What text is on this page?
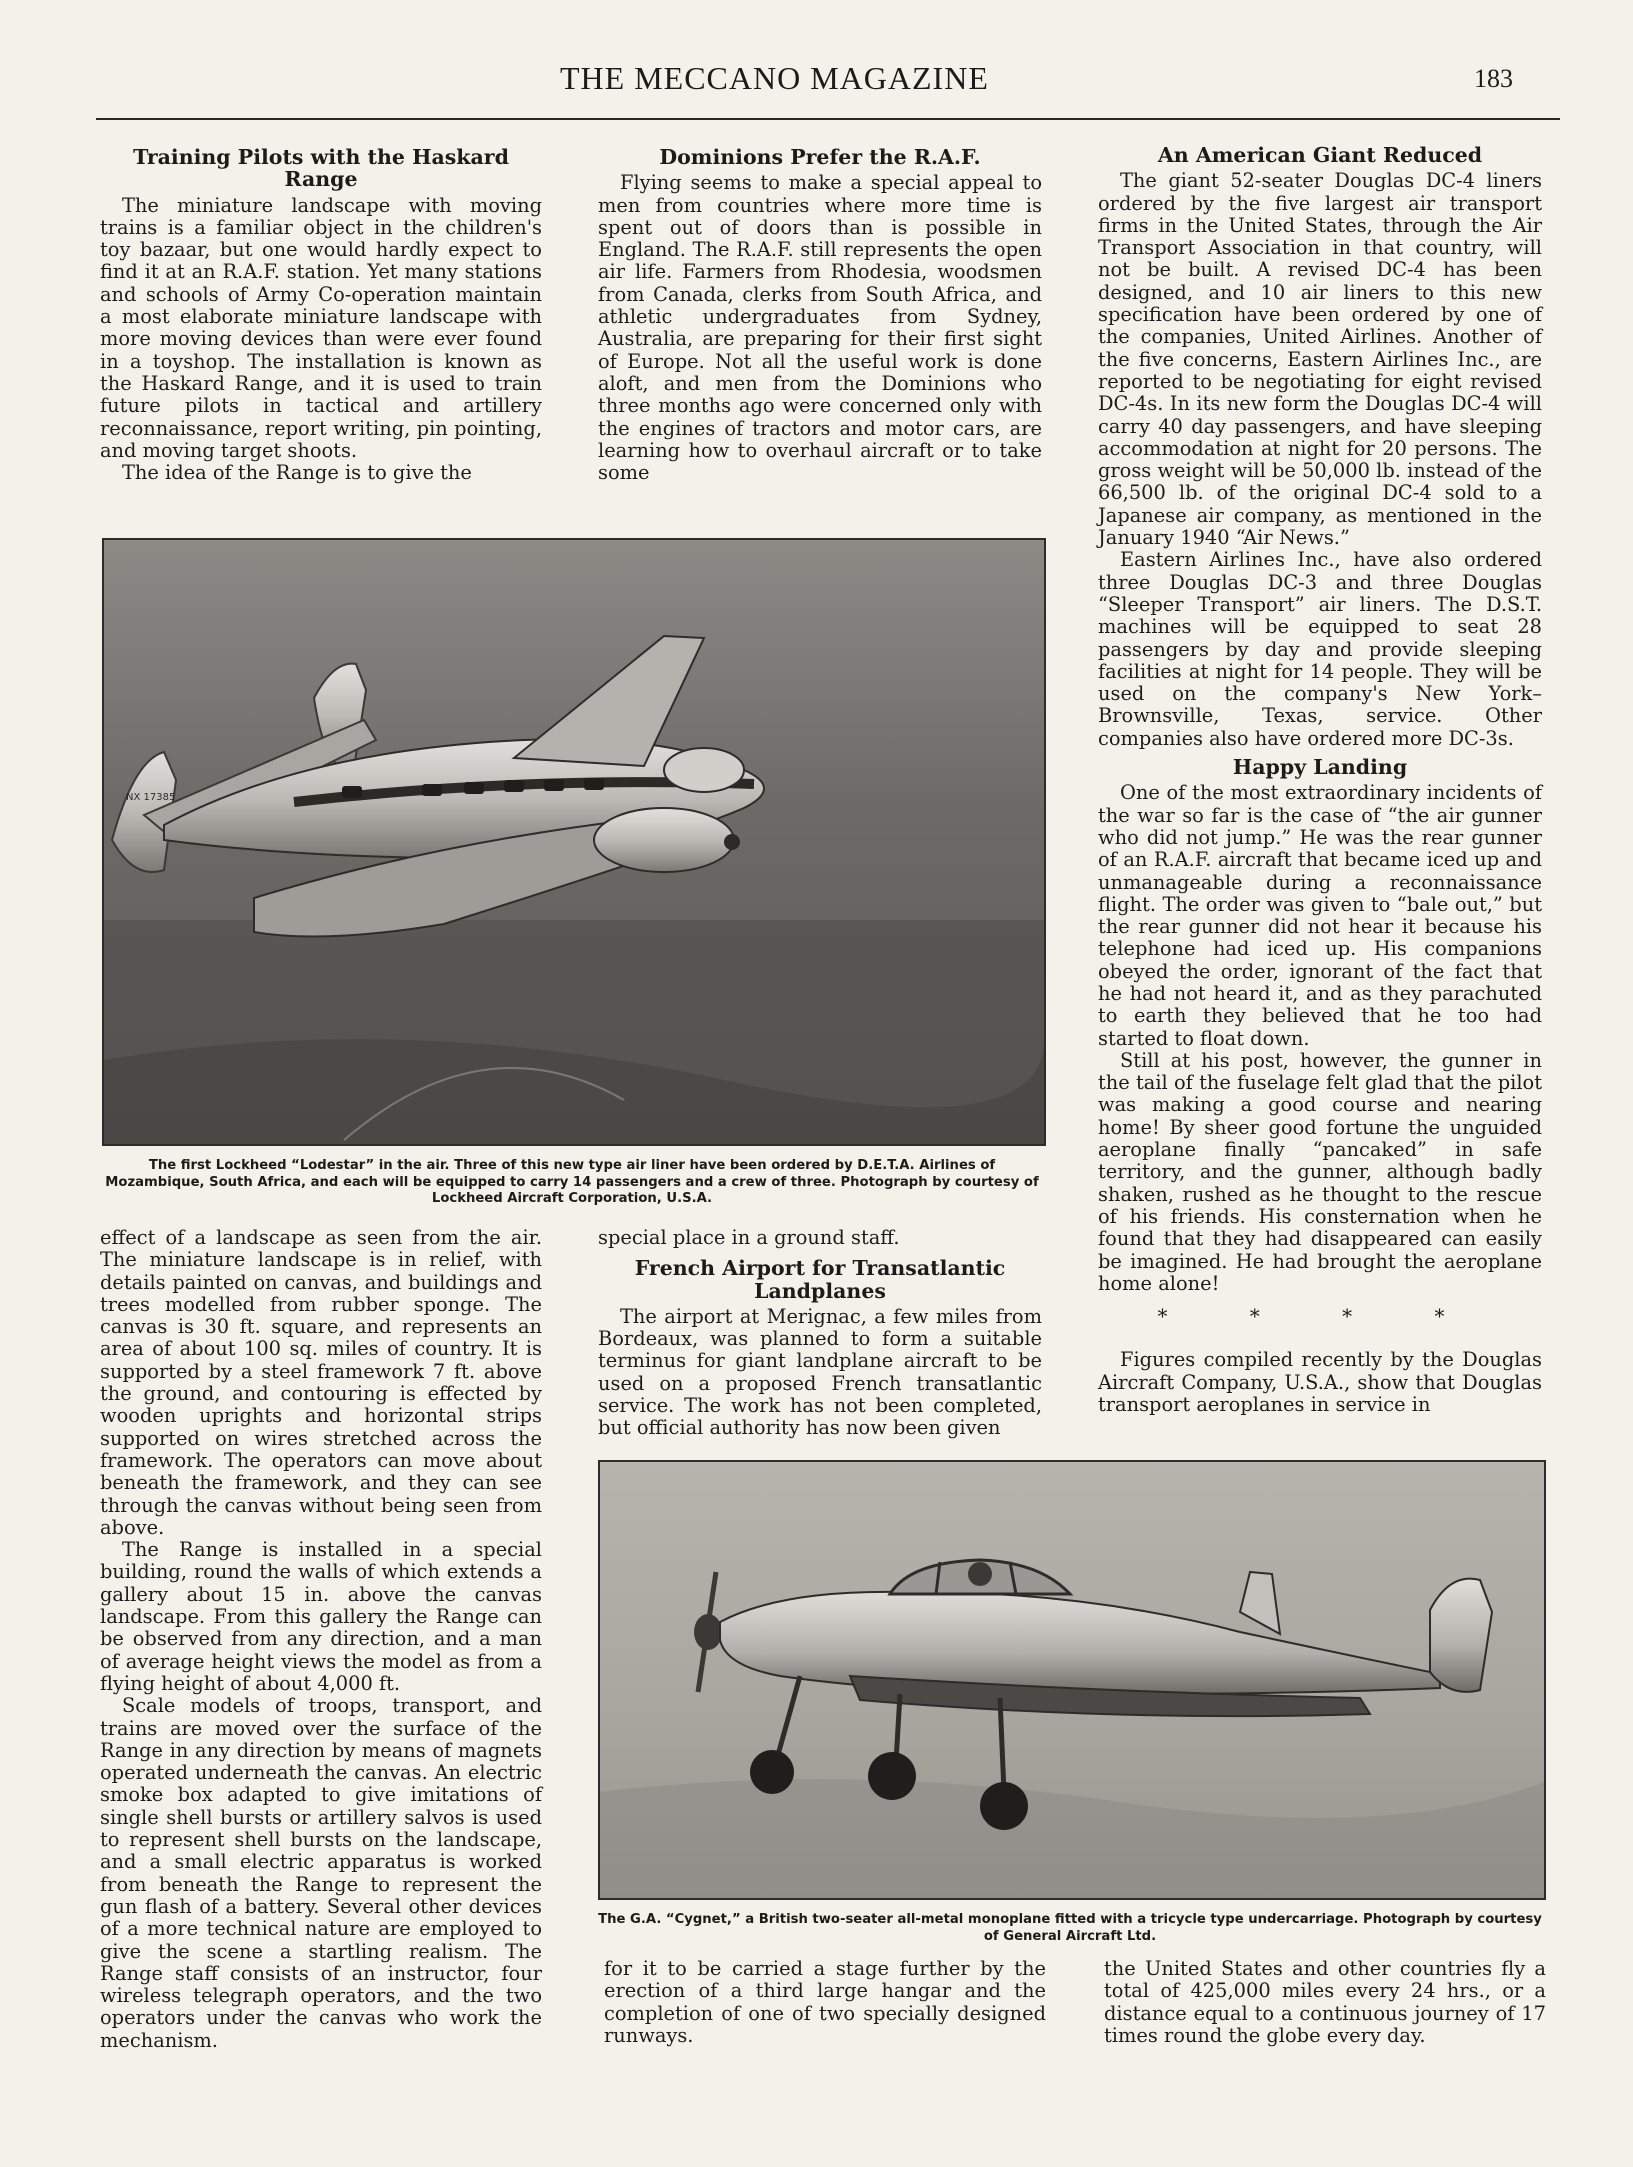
THE MECCANO MAGAZINE	183
Training Pilots with the Haskard Range

The miniature landscape with moving trains is a familiar object in the children's toy bazaar, but one would hardly expect to find it at an R.A.F. station. Yet many stations and schools of Army Co-operation maintain a most elaborate miniature landscape with more moving devices than were ever found in a toyshop. The installation is known as the Haskard Range, and it is used to train future pilots in tactical and artillery reconnaissance, report writing, pin pointing, and moving target shoots.

The idea of the Range is to give the

Dominions Prefer the R.A.F.

Flying seems to make a special appeal to men from countries where more time is spent out of doors than is possible in England. The R.A.F. still represents the open air life. Farmers from Rhodesia, woodsmen from Canada, clerks from South Africa, and athletic undergraduates from Sydney, Australia, are preparing for their first sight of Europe. Not all the useful work is done aloft, and men from the Dominions who three months ago were concerned only with the engines of tractors and motor cars, are learning how to overhaul aircraft or to take some

An American Giant Reduced

The giant 52-seater Douglas DC-4 liners ordered by the five largest air transport firms in the United States, through the Air Transport Association in that country, will not be built. A revised DC-4 has been designed, and 10 air liners to this new specification have been ordered by one of the companies, United Airlines. Another of the five concerns, Eastern Airlines Inc., are reported to be negotiating for eight revised DC-4s. In its new form the Douglas DC-4 will carry 40 day passengers, and have sleeping accommodation at night for 20 persons. The gross weight will be 50,000 lb. instead of the 66,500 lb. of the original DC-4 sold to a Japanese air company, as mentioned in the January 1940 “Air News.”

Eastern Airlines Inc., have also ordered three Douglas DC-3 and three Douglas “Sleeper Transport” air liners. The D.S.T. machines will be equipped to seat 28 passengers by day and provide sleeping facilities at night for 14 people. They will be used on the company's New York–Brownsville, Texas, service. Other companies also have ordered more DC-3s.

Happy Landing

One of the most extraordinary incidents of the war so far is the case of “the air gunner who did not jump.” He was the rear gunner of an R.A.F. aircraft that became iced up and unmanageable during a reconnaissance flight. The order was given to “bale out,” but the rear gunner did not hear it because his telephone had iced up. His companions obeyed the order, ignorant of the fact that he had not heard it, and as they parachuted to earth they believed that he too had started to float down.

Still at his post, however, the gunner in the tail of the fuselage felt glad that the pilot was making a good course and nearing home! By sheer good fortune the unguided aeroplane finally “pancaked” in safe territory, and the gunner, although badly shaken, rushed as he thought to the rescue of his friends. His consternation when he found that they had disappeared can easily be imagined. He had brought the aeroplane home alone!

* * * *

Figures compiled recently by the Douglas Aircraft Company, U.S.A., show that Douglas transport aeroplanes in service in

NX 17385
The first Lockheed “Lodestar” in the air. Three of this new type air liner have been ordered by D.E.T.A. Airlines of Mozambique, South Africa, and each will be equipped to carry 14 passengers and a crew of three. Photograph by courtesy of Lockheed Aircraft Corporation, U.S.A.

effect of a landscape as seen from the air. The miniature landscape is in relief, with details painted on canvas, and buildings and trees modelled from rubber sponge. The canvas is 30 ft. square, and represents an area of about 100 sq. miles of country. It is supported by a steel framework 7 ft. above the ground, and contouring is effected by wooden uprights and horizontal strips supported on wires stretched across the framework. The operators can move about beneath the framework, and they can see through the canvas without being seen from above.

The Range is installed in a special building, round the walls of which extends a gallery about 15 in. above the canvas landscape. From this gallery the Range can be observed from any direction, and a man of average height views the model as from a flying height of about 4,000 ft.

Scale models of troops, transport, and trains are moved over the surface of the Range in any direction by means of magnets operated underneath the canvas. An electric smoke box adapted to give imitations of single shell bursts or artillery salvos is used to represent shell bursts on the landscape, and a small electric apparatus is worked from beneath the Range to represent the gun flash of a battery. Several other devices of a more technical nature are employed to give the scene a startling realism. The Range staff consists of an instructor, four wireless telegraph operators, and the two operators under the canvas who work the mechanism.

special place in a ground staff.

French Airport for Transatlantic Landplanes

The airport at Merignac, a few miles from Bordeaux, was planned to form a suitable terminus for giant landplane aircraft to be used on a proposed French transatlantic service. The work has not been completed, but official authority has now been given

The G.A. “Cygnet,” a British two-seater all-metal monoplane fitted with a tricycle type undercarriage. Photograph by courtesy of General Aircraft Ltd.

for it to be carried a stage further by the erection of a third large hangar and the completion of one of two specially designed runways.

the United States and other countries fly a total of 425,000 miles every 24 hrs., or a distance equal to a continuous journey of 17 times round the globe every day.
